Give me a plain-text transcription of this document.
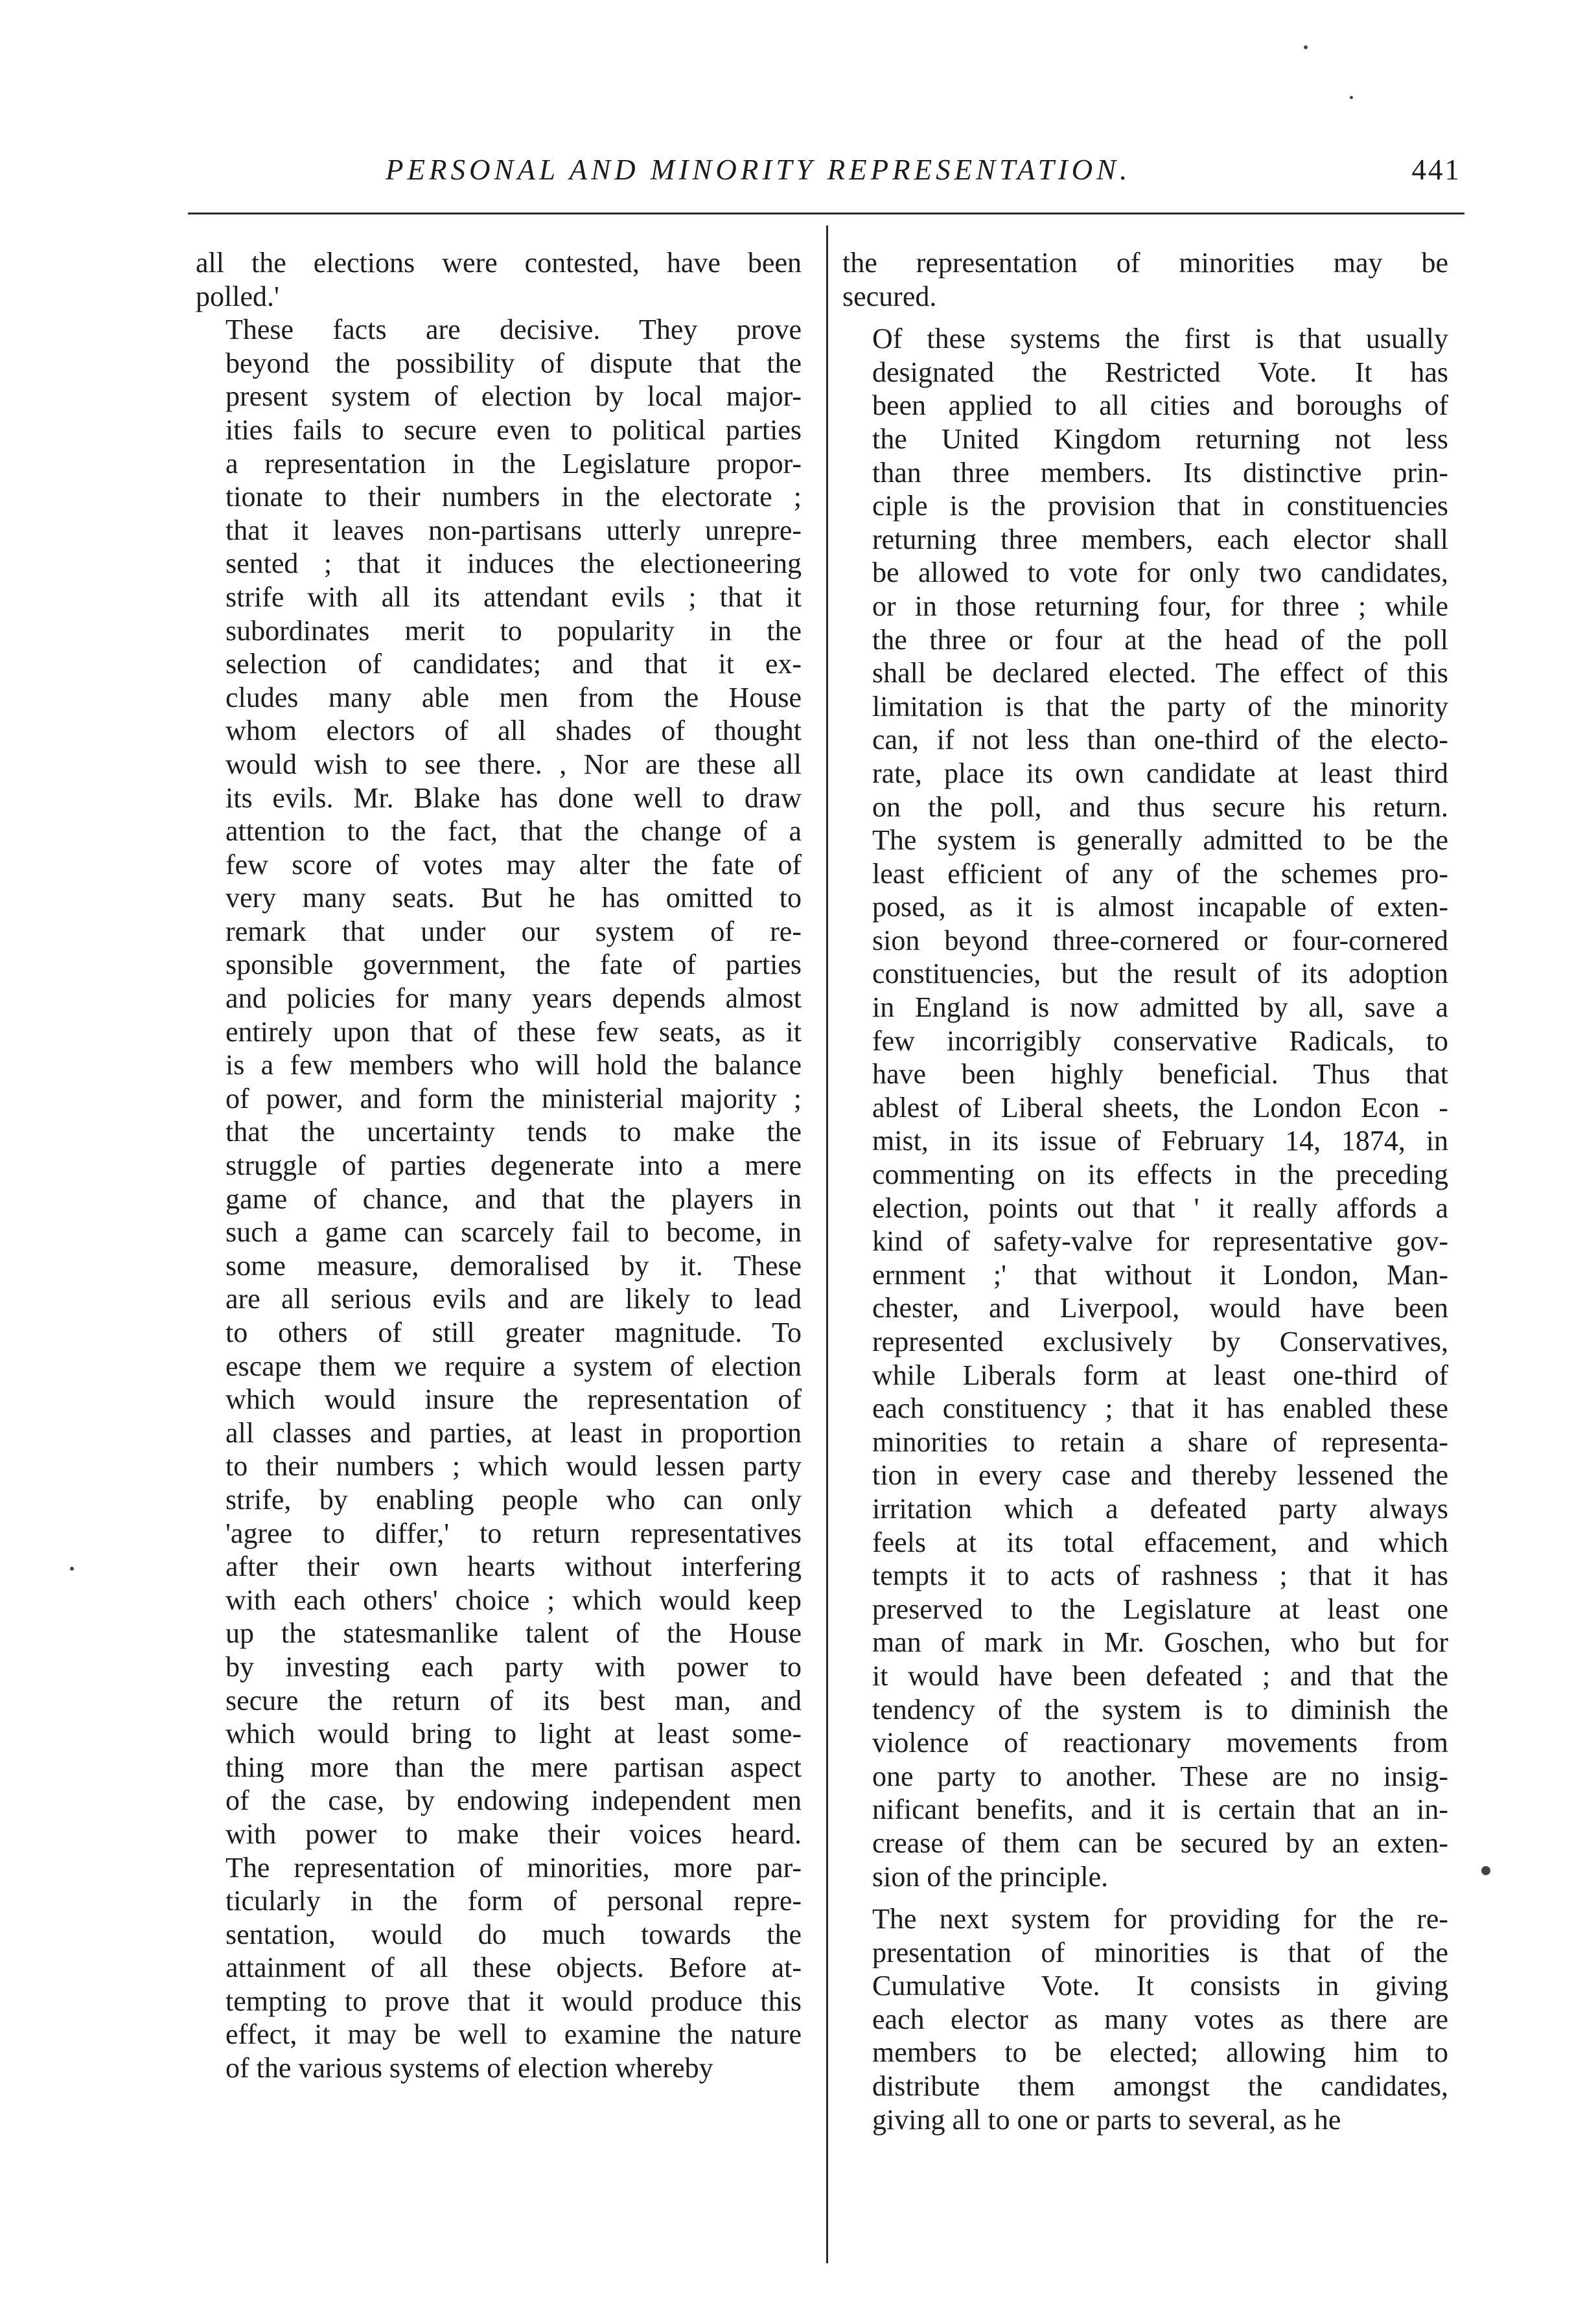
PERSONAL AND MINORITY REPRESENTATION.	441

all the elections were contested, have been
polled.'

These facts are decisive. They prove
beyond the possibility of dispute that the
present system of election by local major-
ities fails to secure even to political parties
a representation in the Legislature propor-
tionate to their numbers in the electorate ;
that it leaves non-partisans utterly unrepre-
sented ; that it induces the electioneering
strife with all its attendant evils ; that it
subordinates merit to popularity in the
selection of candidates; and that it ex-
cludes many able men from the House
whom electors of all shades of thought
would wish to see there. , Nor are these all
its evils. Mr. Blake has done well to draw
attention to the fact, that the change of a
few score of votes may alter the fate of
very many seats. But he has omitted to
remark that under our system of re-
sponsible government, the fate of parties
and policies for many years depends almost
entirely upon that of these few seats, as it
is a few members who will hold the balance
of power, and form the ministerial majority ;
that the uncertainty tends to make the
struggle of parties degenerate into a mere
game of chance, and that the players in
such a game can scarcely fail to become, in
some measure, demoralised by it. These
are all serious evils and are likely to lead
to others of still greater magnitude. To
escape them we require a system of election
which would insure the representation of
all classes and parties, at least in proportion
to their numbers ; which would lessen party
strife, by enabling people who can only
'agree to differ,' to return representatives
after their own hearts without interfering
with each others' choice ; which would keep
up the statesmanlike talent of the House
by investing each party with power to
secure the return of its best man, and
which would bring to light at least some-
thing more than the mere partisan aspect
of the case, by endowing independent men
with power to make their voices heard.
The representation of minorities, more par-
ticularly in the form of personal repre-
sentation, would do much towards the
attainment of all these objects. Before at-
tempting to prove that it would produce this
effect, it may be well to examine the nature
of the various systems of election whereby

the representation of minorities may be
secured.

Of these systems the first is that usually
designated the Restricted Vote. It has
been applied to all cities and boroughs of
the United Kingdom returning not less
than three members. Its distinctive prin-
ciple is the provision that in constituencies
returning three members, each elector shall
be allowed to vote for only two candidates,
or in those returning four, for three ; while
the three or four at the head of the poll
shall be declared elected. The effect of this
limitation is that the party of the minority
can, if not less than one-third of the electo-
rate, place its own candidate at least third
on the poll, and thus secure his return.
The system is generally admitted to be the
least efficient of any of the schemes pro-
posed, as it is almost incapable of exten-
sion beyond three-cornered or four-cornered
constituencies, but the result of its adoption
in England is now admitted by all, save a
few incorrigibly conservative Radicals, to
have been highly beneficial. Thus that
ablest of Liberal sheets, the London Econ -
mist, in its issue of February 14, 1874, in
commenting on its effects in the preceding
election, points out that ' it really affords a
kind of safety-valve for representative gov-
ernment ;' that without it London, Man-
chester, and Liverpool, would have been
represented exclusively by Conservatives,
while Liberals form at least one-third of
each constituency ; that it has enabled these
minorities to retain a share of representa-
tion in every case and thereby lessened the
irritation which a defeated party always
feels at its total effacement, and which
tempts it to acts of rashness ; that it has
preserved to the Legislature at least one
man of mark in Mr. Goschen, who but for
it would have been defeated ; and that the
tendency of the system is to diminish the
violence of reactionary movements from
one party to another. These are no insig-
nificant benefits, and it is certain that an in-
crease of them can be secured by an exten-
sion of the principle.

The next system for providing for the re-
presentation of minorities is that of the
Cumulative Vote. It consists in giving
each elector as many votes as there are
members to be elected; allowing him to
distribute them amongst the candidates,
giving all to one or parts to several, as he
